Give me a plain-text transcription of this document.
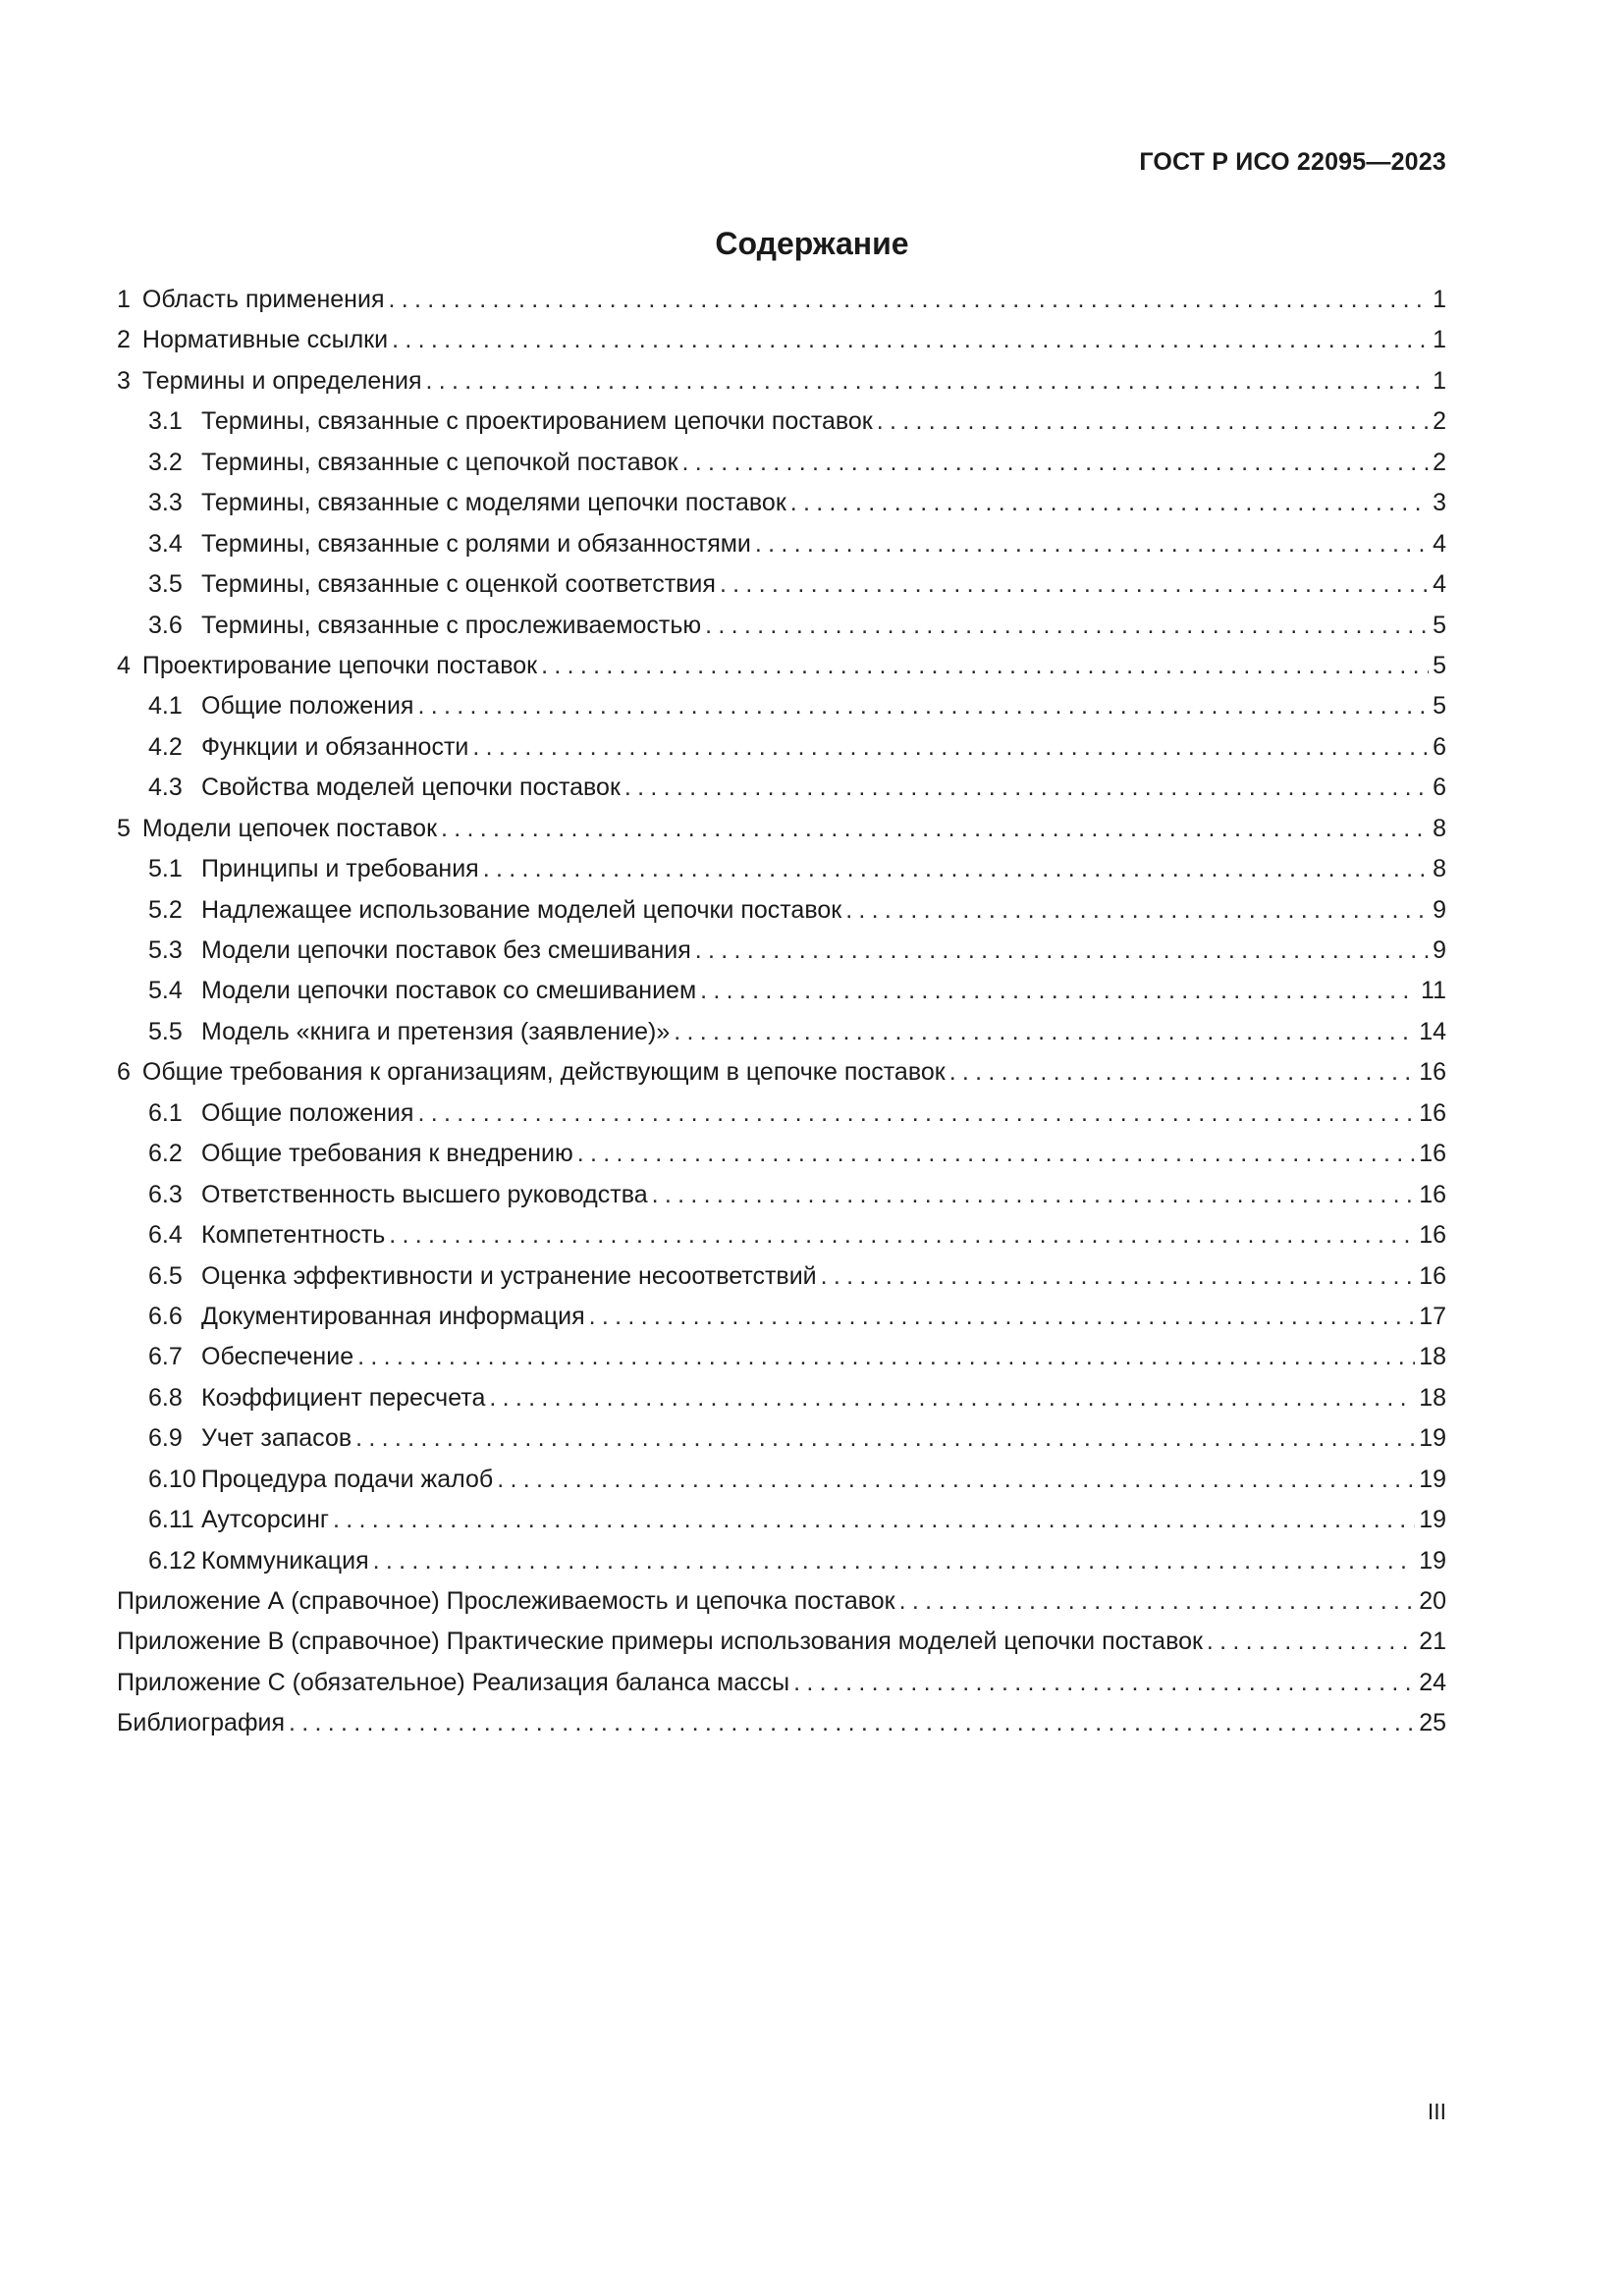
ГОСТ Р ИСО 22095—2023
Содержание
1 Область применения .....	1
2 Нормативные ссылки .....	1
3 Термины и определения .....	1
3.1 Термины, связанные с проектированием цепочки поставок .....	2
3.2 Термины, связанные с цепочкой поставок .....	2
3.3 Термины, связанные с моделями цепочки поставок .....	3
3.4 Термины, связанные с ролями и обязанностями .....	4
3.5 Термины, связанные с оценкой соответствия .....	4
3.6 Термины, связанные с прослеживаемостью .....	5
4 Проектирование цепочки поставок .....	5
4.1 Общие положения .....	5
4.2 Функции и обязанности .....	6
4.3 Свойства моделей цепочки поставок .....	6
5 Модели цепочек поставок .....	8
5.1 Принципы и требования .....	8
5.2 Надлежащее использование моделей цепочки поставок .....	9
5.3 Модели цепочки поставок без смешивания .....	9
5.4 Модели цепочки поставок со смешиванием .....	11
5.5 Модель «книга и претензия (заявление)» .....	14
6 Общие требования к организациям, действующим в цепочке поставок .....	16
6.1 Общие положения .....	16
6.2 Общие требования к внедрению .....	16
6.3 Ответственность высшего руководства .....	16
6.4 Компетентность .....	16
6.5 Оценка эффективности и устранение несоответствий .....	16
6.6 Документированная информация .....	17
6.7 Обеспечение .....	18
6.8 Коэффициент пересчета .....	18
6.9 Учет запасов .....	19
6.10 Процедура подачи жалоб .....	19
6.11 Аутсорсинг .....	19
6.12 Коммуникация .....	19
Приложение А (справочное) Прослеживаемость и цепочка поставок .....	20
Приложение В (справочное) Практические примеры использования моделей цепочки поставок .....	21
Приложение С (обязательное) Реализация баланса массы .....	24
Библиография .....	25
III
